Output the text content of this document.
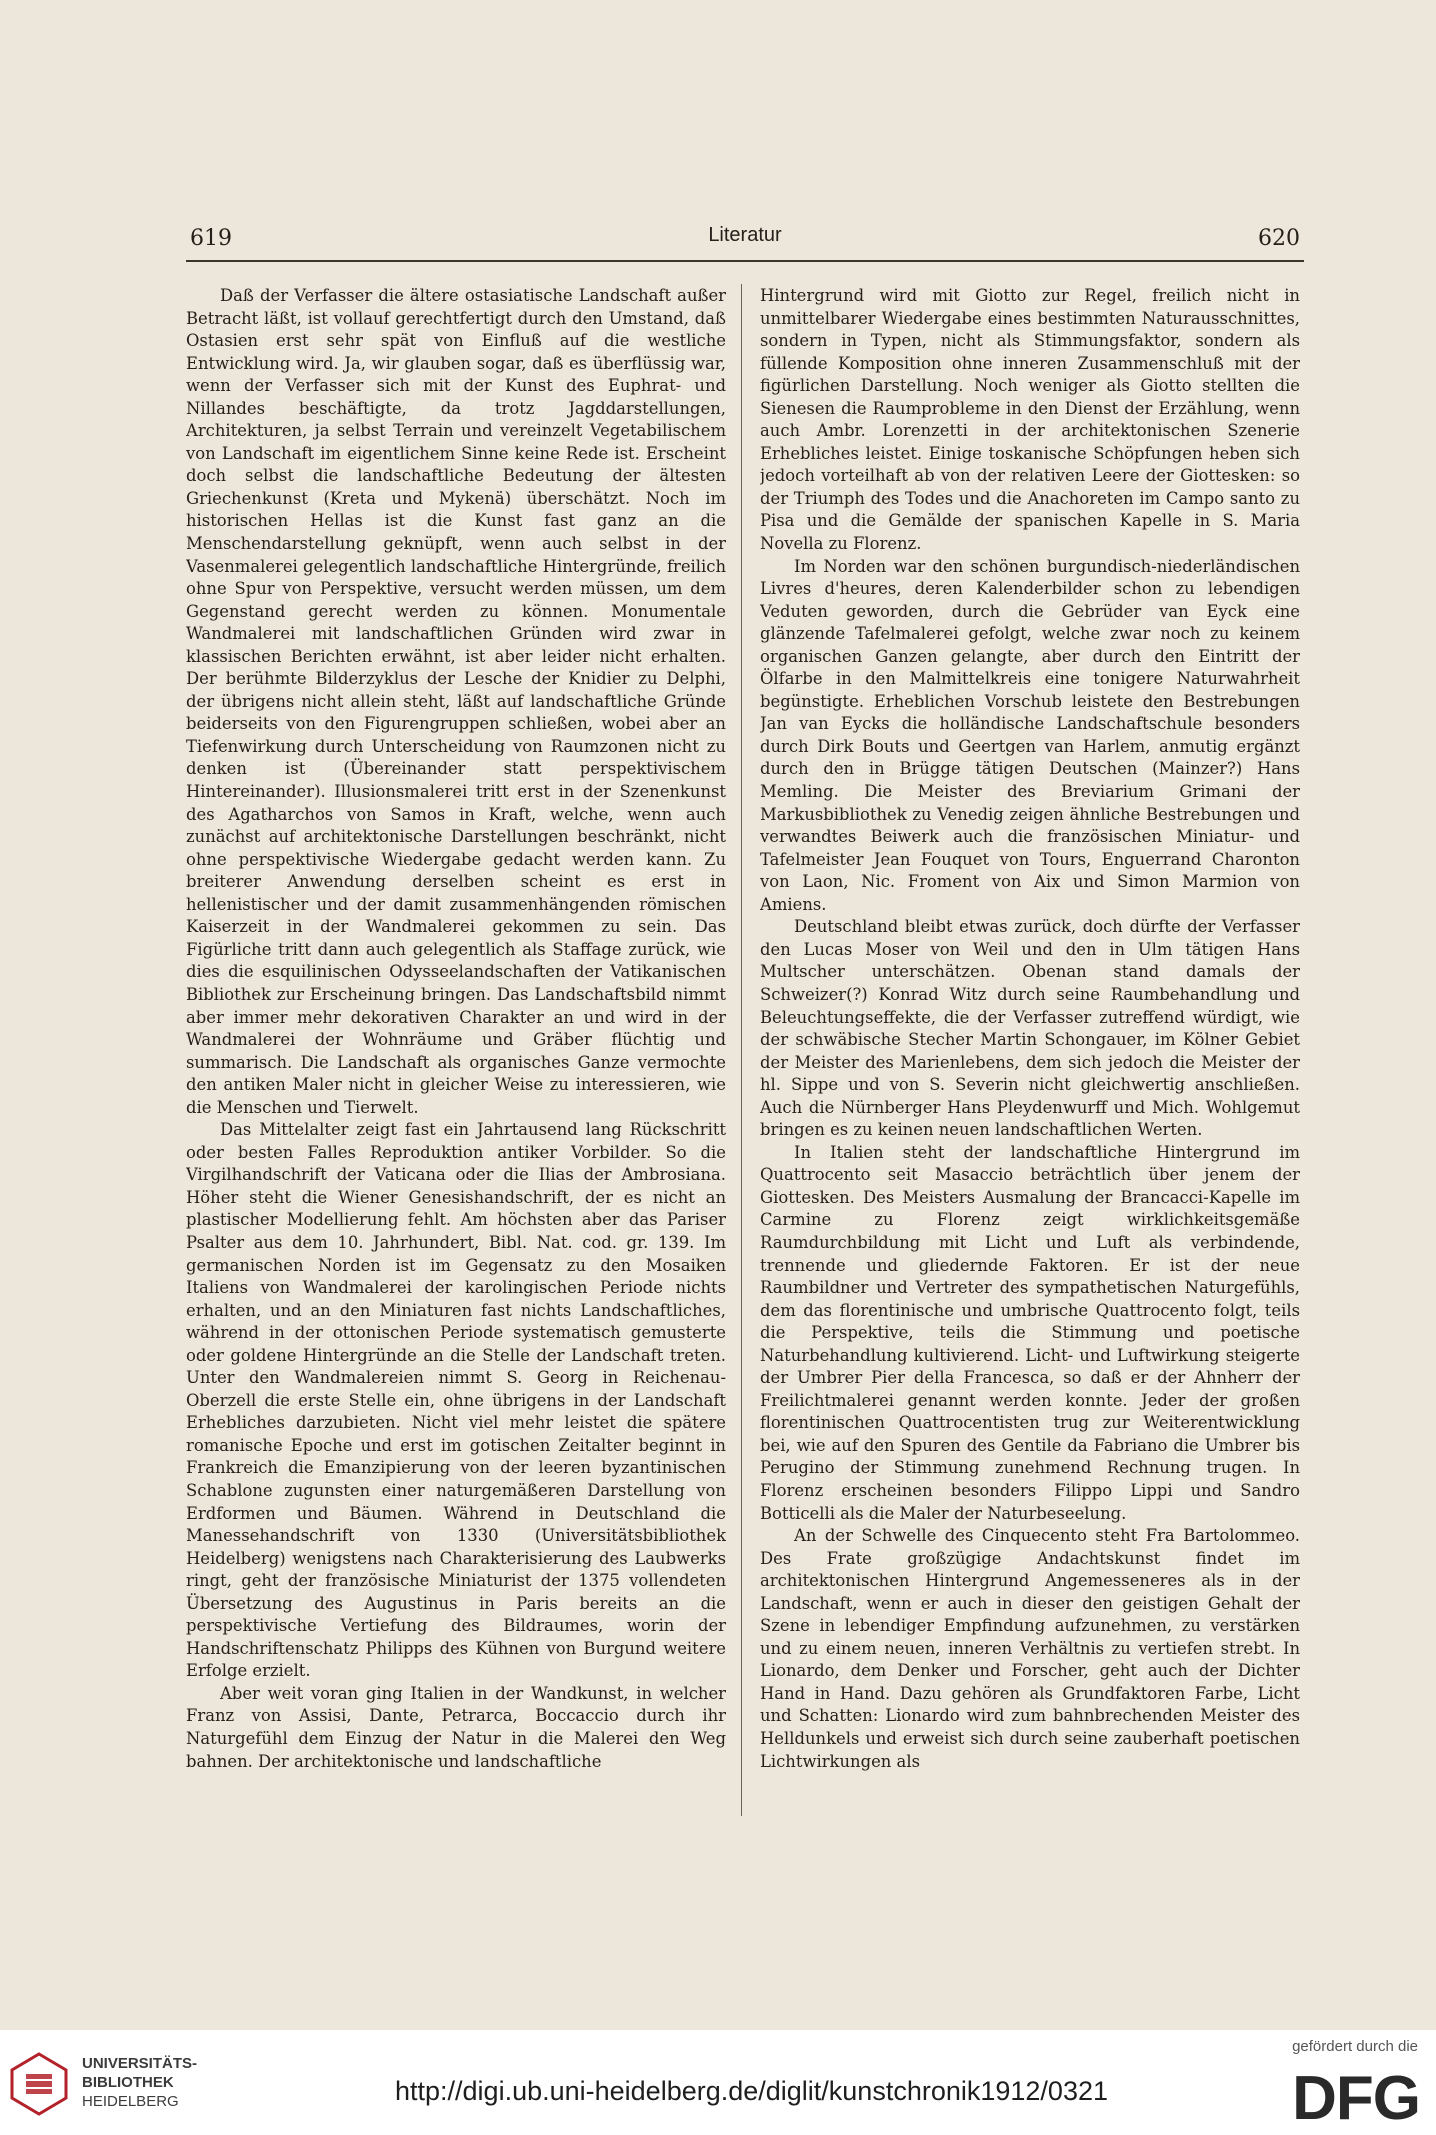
619	Literatur	620

Daß der Verfasser die ältere ostasiatische Landschaft außer Betracht läßt, ist vollauf gerechtfertigt durch den Umstand, daß Ostasien erst sehr spät von Einfluß auf die westliche Entwicklung wird. Ja, wir glauben sogar, daß es überflüssig war, wenn der Verfasser sich mit der Kunst des Euphrat- und Nillandes beschäftigte, da trotz Jagddarstellungen, Architekturen, ja selbst Terrain und vereinzelt Vegetabilischem von Landschaft im eigentlichem Sinne keine Rede ist. Erscheint doch selbst die landschaftliche Bedeutung der ältesten Griechenkunst (Kreta und Mykenä) überschätzt. Noch im historischen Hellas ist die Kunst fast ganz an die Menschendarstellung geknüpft, wenn auch selbst in der Vasenmalerei gelegentlich landschaftliche Hintergründe, freilich ohne Spur von Perspektive, versucht werden müssen, um dem Gegenstand gerecht werden zu können. Monumentale Wandmalerei mit landschaftlichen Gründen wird zwar in klassischen Berichten erwähnt, ist aber leider nicht erhalten. Der berühmte Bilderzyklus der Lesche der Knidier zu Delphi, der übrigens nicht allein steht, läßt auf landschaftliche Gründe beiderseits von den Figurengruppen schließen, wobei aber an Tiefenwirkung durch Unterscheidung von Raumzonen nicht zu denken ist (Übereinander statt perspektivischem Hintereinander). Illusionsmalerei tritt erst in der Szenenkunst des Agatharchos von Samos in Kraft, welche, wenn auch zunächst auf architektonische Darstellungen beschränkt, nicht ohne perspektivische Wiedergabe gedacht werden kann. Zu breiterer Anwendung derselben scheint es erst in hellenistischer und der damit zusammenhängenden römischen Kaiserzeit in der Wandmalerei gekommen zu sein. Das Figürliche tritt dann auch gelegentlich als Staffage zurück, wie dies die esquilinischen Odysseelandschaften der Vatikanischen Bibliothek zur Erscheinung bringen. Das Landschaftsbild nimmt aber immer mehr dekorativen Charakter an und wird in der Wandmalerei der Wohnräume und Gräber flüchtig und summarisch. Die Landschaft als organisches Ganze vermochte den antiken Maler nicht in gleicher Weise zu interessieren, wie die Menschen und Tierwelt.

Das Mittelalter zeigt fast ein Jahrtausend lang Rückschritt oder besten Falles Reproduktion antiker Vorbilder. So die Virgilhandschrift der Vaticana oder die Ilias der Ambrosiana. Höher steht die Wiener Genesishandschrift, der es nicht an plastischer Modellierung fehlt. Am höchsten aber das Pariser Psalter aus dem 10. Jahrhundert, Bibl. Nat. cod. gr. 139. Im germanischen Norden ist im Gegensatz zu den Mosaiken Italiens von Wandmalerei der karolingischen Periode nichts erhalten, und an den Miniaturen fast nichts Landschaftliches, während in der ottonischen Periode systematisch gemusterte oder goldene Hintergründe an die Stelle der Landschaft treten. Unter den Wandmalereien nimmt S. Georg in Reichenau-Oberzell die erste Stelle ein, ohne übrigens in der Landschaft Erhebliches darzubieten. Nicht viel mehr leistet die spätere romanische Epoche und erst im gotischen Zeitalter beginnt in Frankreich die Emanzipierung von der leeren byzantinischen Schablone zugunsten einer naturgemäßeren Darstellung von Erdformen und Bäumen. Während in Deutschland die Manessehandschrift von 1330 (Universitätsbibliothek Heidelberg) wenigstens nach Charakterisierung des Laubwerks ringt, geht der französische Miniaturist der 1375 vollendeten Übersetzung des Augustinus in Paris bereits an die perspektivische Vertiefung des Bildraumes, worin der Handschriftenschatz Philipps des Kühnen von Burgund weitere Erfolge erzielt.

Aber weit voran ging Italien in der Wandkunst, in welcher Franz von Assisi, Dante, Petrarca, Boccaccio durch ihr Naturgefühl dem Einzug der Natur in die Malerei den Weg bahnen. Der architektonische und landschaftliche

Hintergrund wird mit Giotto zur Regel, freilich nicht in unmittelbarer Wiedergabe eines bestimmten Naturausschnittes, sondern in Typen, nicht als Stimmungsfaktor, sondern als füllende Komposition ohne inneren Zusammenschluß mit der figürlichen Darstellung. Noch weniger als Giotto stellten die Sienesen die Raumprobleme in den Dienst der Erzählung, wenn auch Ambr. Lorenzetti in der architektonischen Szenerie Erhebliches leistet. Einige toskanische Schöpfungen heben sich jedoch vorteilhaft ab von der relativen Leere der Giottesken: so der Triumph des Todes und die Anachoreten im Campo santo zu Pisa und die Gemälde der spanischen Kapelle in S. Maria Novella zu Florenz.

Im Norden war den schönen burgundisch-niederländischen Livres d'heures, deren Kalenderbilder schon zu lebendigen Veduten geworden, durch die Gebrüder van Eyck eine glänzende Tafelmalerei gefolgt, welche zwar noch zu keinem organischen Ganzen gelangte, aber durch den Eintritt der Ölfarbe in den Malmittelkreis eine tonigere Naturwahrheit begünstigte. Erheblichen Vorschub leistete den Bestrebungen Jan van Eycks die holländische Landschaftschule besonders durch Dirk Bouts und Geertgen van Harlem, anmutig ergänzt durch den in Brügge tätigen Deutschen (Mainzer?) Hans Memling. Die Meister des Breviarium Grimani der Markusbibliothek zu Venedig zeigen ähnliche Bestrebungen und verwandtes Beiwerk auch die französischen Miniatur- und Tafelmeister Jean Fouquet von Tours, Enguerrand Charonton von Laon, Nic. Froment von Aix und Simon Marmion von Amiens.

Deutschland bleibt etwas zurück, doch dürfte der Verfasser den Lucas Moser von Weil und den in Ulm tätigen Hans Multscher unterschätzen. Obenan stand damals der Schweizer(?) Konrad Witz durch seine Raumbehandlung und Beleuchtungseffekte, die der Verfasser zutreffend würdigt, wie der schwäbische Stecher Martin Schongauer, im Kölner Gebiet der Meister des Marienlebens, dem sich jedoch die Meister der hl. Sippe und von S. Severin nicht gleichwertig anschließen. Auch die Nürnberger Hans Pleydenwurff und Mich. Wohlgemut bringen es zu keinen neuen landschaftlichen Werten.

In Italien steht der landschaftliche Hintergrund im Quattrocento seit Masaccio beträchtlich über jenem der Giottesken. Des Meisters Ausmalung der Brancacci-Kapelle im Carmine zu Florenz zeigt wirklichkeitsgemäße Raumdurchbildung mit Licht und Luft als verbindende, trennende und gliedernde Faktoren. Er ist der neue Raumbildner und Vertreter des sympathetischen Naturgefühls, dem das florentinische und umbrische Quattrocento folgt, teils die Perspektive, teils die Stimmung und poetische Naturbehandlung kultivierend. Licht- und Luftwirkung steigerte der Umbrer Pier della Francesca, so daß er der Ahnherr der Freilichtmalerei genannt werden konnte. Jeder der großen florentinischen Quattrocentisten trug zur Weiterentwicklung bei, wie auf den Spuren des Gentile da Fabriano die Umbrer bis Perugino der Stimmung zunehmend Rechnung trugen. In Florenz erscheinen besonders Filippo Lippi und Sandro Botticelli als die Maler der Naturbeseelung.

An der Schwelle des Cinquecento steht Fra Bartolommeo. Des Frate großzügige Andachtskunst findet im architektonischen Hintergrund Angemesseneres als in der Landschaft, wenn er auch in dieser den geistigen Gehalt der Szene in lebendiger Empfindung aufzunehmen, zu verstärken und zu einem neuen, inneren Verhältnis zu vertiefen strebt. In Lionardo, dem Denker und Forscher, geht auch der Dichter Hand in Hand. Dazu gehören als Grundfaktoren Farbe, Licht und Schatten: Lionardo wird zum bahnbrechenden Meister des Helldunkels und erweist sich durch seine zauberhaft poetischen Lichtwirkungen als

UNIVERSITÄTS-
BIBLIOTHEK
HEIDELBERG	http://digi.ub.uni-heidelberg.de/diglit/kunstchronik1912/0321
gefördert durch die
DFG
